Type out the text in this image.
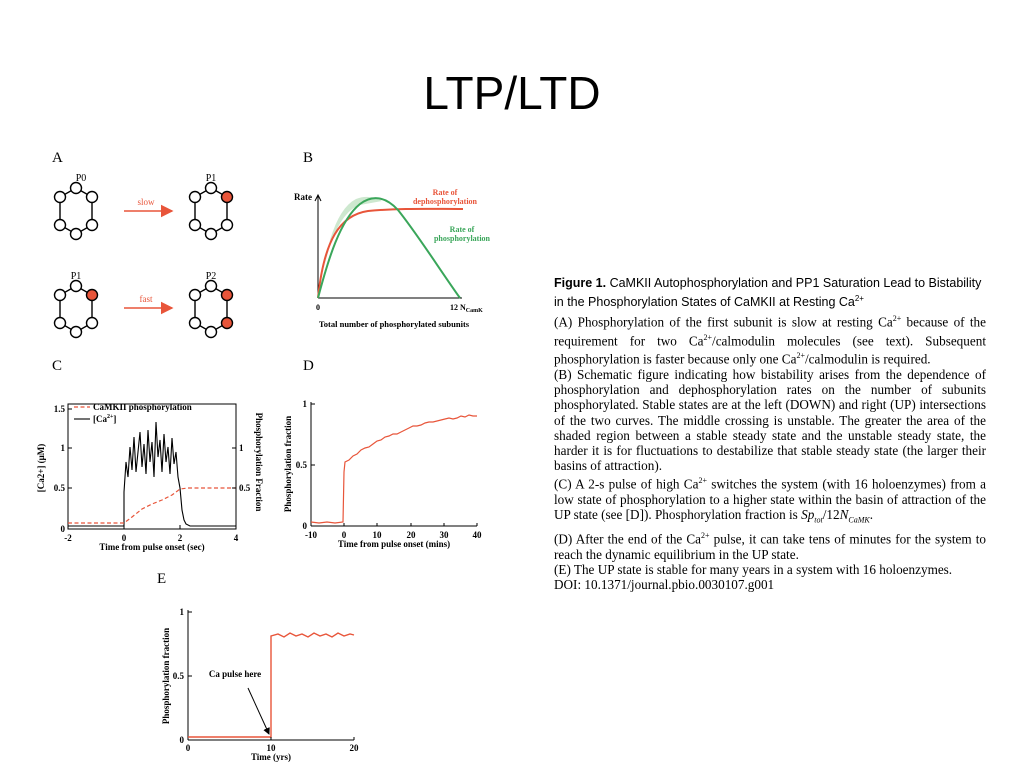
LTP/LTD
A
P0
slow
P1
P1
fast
P2
B
Rate	Rate of
dephosphorylation
Rate of
phosphorylation
0	12 $N_{CamK}$
Total number of phosphorylated subunits
C
0
0.5
1
1.5
0.5
1
-2	0	2	4
Time from pulse onset (sec)
[Ca2+] (μM)	Phosphorylation Fraction
CaMKII phosphorylation
$[Ca^{2+}]$
D
0
0.5
1
-10	0	10	20	30	40
Time from pulse onset (mins)
Phosphorylation fraction
E
0
0.5
1
0	10	20
Time (yrs)
Phosphorylation fraction	Ca pulse here
Figure 1. CaMKII Autophosphorylation and PP1 Saturation Lead to Bistability in the Phosphorylation States of CaMKII at Resting $Ca^{2+}$

(A) Phosphorylation of the first subunit is slow at resting $Ca^{2+}$ because of the requirement for two $Ca^{2+}$/calmodulin molecules (see text). Subsequent phosphorylation is faster because only one $Ca^{2+}$/calmodulin is required.

(B) Schematic figure indicating how bistability arises from the dependence of phosphorylation and dephosphorylation rates on the number of subunits phosphorylated. Stable states are at the left (DOWN) and right (UP) intersections of the two curves. The middle crossing is unstable. The greater the area of the shaded region between a stable steady state and the unstable steady state, the harder it is for fluctuations to destabilize that stable steady state (the larger their basins of attraction).

(C) A 2-s pulse of high $Ca^{2+}$ switches the system (with 16 holoenzymes) from a low state of phosphorylation to a higher state within the basin of attraction of the UP state (see [D]). Phosphorylation fraction is $Sp_{tot}/12N_{CaMK}$.

(D) After the end of the $Ca^{2+}$ pulse, it can take tens of minutes for the system to reach the dynamic equilibrium in the UP state.

(E) The UP state is stable for many years in a system with 16 holoenzymes.

DOI: 10.1371/journal.pbio.0030107.g001
